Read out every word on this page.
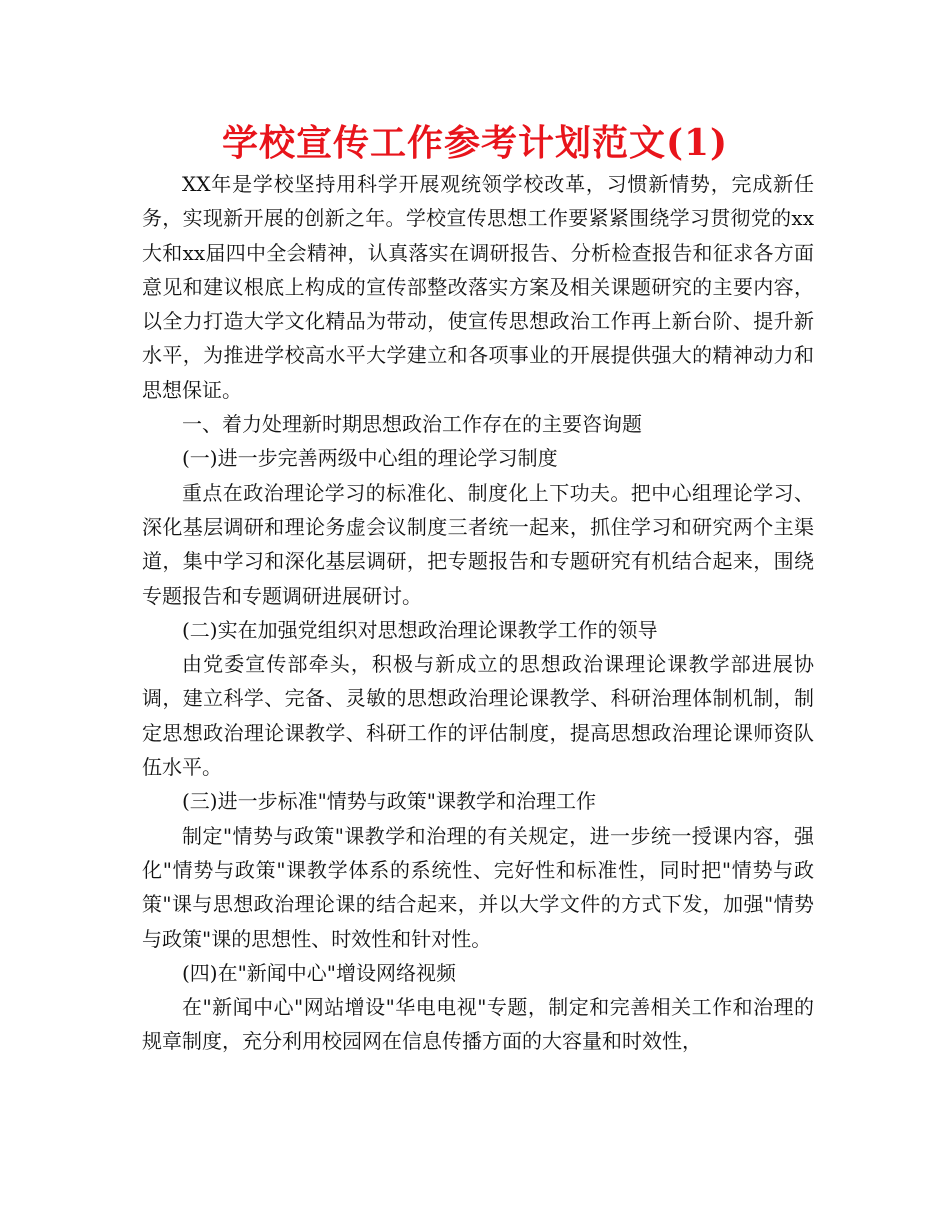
学校宣传工作参考计划范文(1)

XX年是学校坚持用科学开展观统领学校改革，习惯新情势，完成新任务，实现新开展的创新之年。学校宣传思想工作要紧紧围绕学习贯彻党的xx大和xx届四中全会精神，认真落实在调研报告、分析检查报告和征求各方面意见和建议根底上构成的宣传部整改落实方案及相关课题研究的主要内容，以全力打造大学文化精品为带动，使宣传思想政治工作再上新台阶、提升新水平，为推进学校高水平大学建立和各项事业的开展提供强大的精神动力和思想保证。

一、着力处理新时期思想政治工作存在的主要咨询题

(一)进一步完善两级中心组的理论学习制度

重点在政治理论学习的标准化、制度化上下功夫。把中心组理论学习、深化基层调研和理论务虚会议制度三者统一起来，抓住学习和研究两个主渠道，集中学习和深化基层调研，把专题报告和专题研究有机结合起来，围绕专题报告和专题调研进展研讨。

(二)实在加强党组织对思想政治理论课教学工作的领导

由党委宣传部牵头，积极与新成立的思想政治课理论课教学部进展协调，建立科学、完备、灵敏的思想政治理论课教学、科研治理体制机制，制定思想政治理论课教学、科研工作的评估制度，提高思想政治理论课师资队伍水平。

(三)进一步标准"情势与政策"课教学和治理工作

制定"情势与政策"课教学和治理的有关规定，进一步统一授课内容，强化"情势与政策"课教学体系的系统性、完好性和标准性，同时把"情势与政策"课与思想政治理论课的结合起来，并以大学文件的方式下发，加强"情势与政策"课的思想性、时效性和针对性。

(四)在"新闻中心"增设网络视频

在"新闻中心"网站增设"华电电视"专题，制定和完善相关工作和治理的规章制度，充分利用校园网在信息传播方面的大容量和时效性，
